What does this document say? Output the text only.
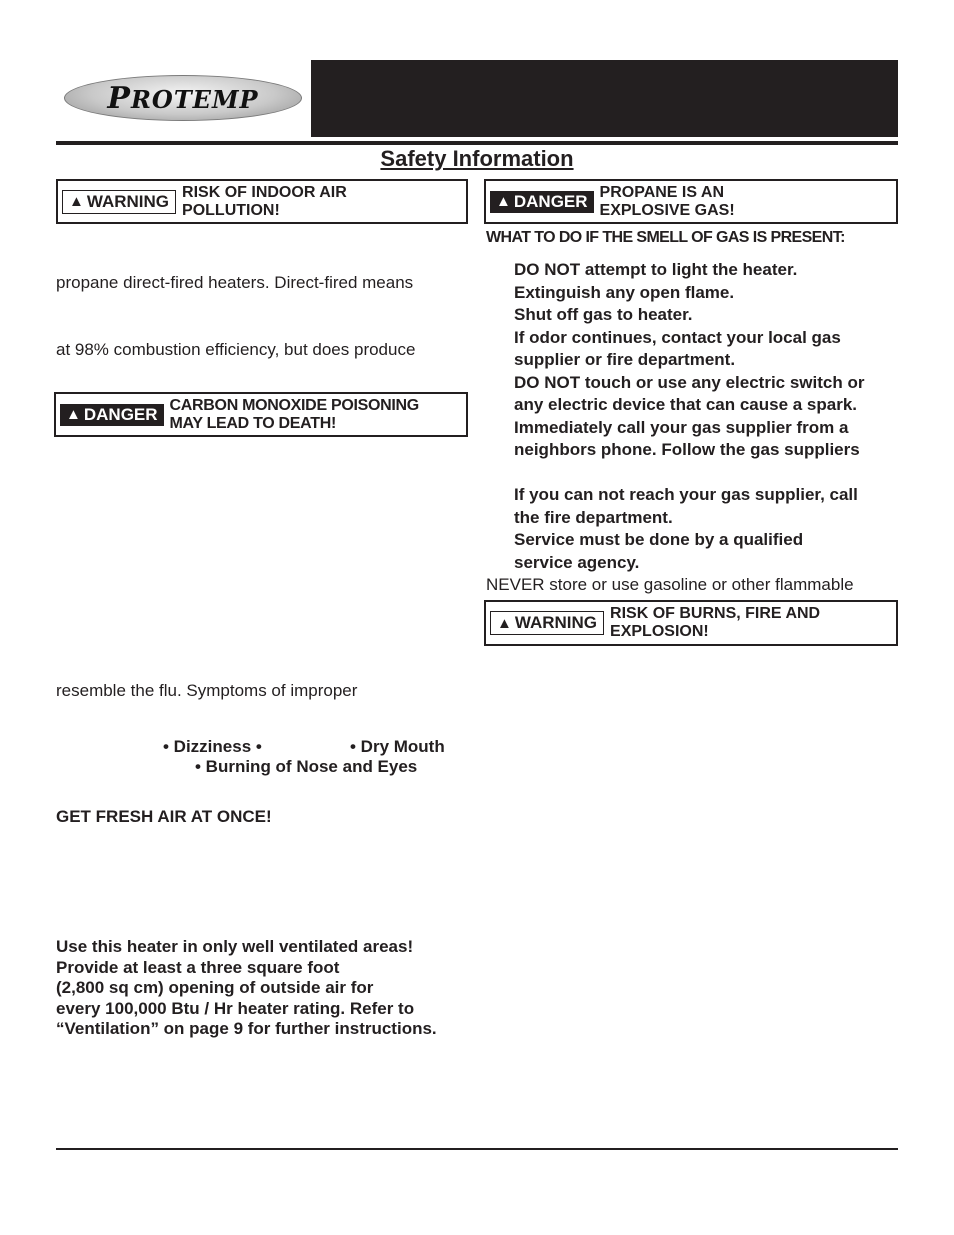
PROTEMP
Safety Information
▲ WARNING RISK OF INDOOR AIR
POLLUTION!
propane direct-fired heaters. Direct-fired means
at 98% combustion efficiency, but does produce
▲ DANGER CARBON MONOXIDE POISONING
MAY LEAD TO DEATH!
resemble the flu. Symptoms of improper
• Dizziness •	• Dry Mouth
• Burning of Nose and Eyes
GET FRESH AIR AT ONCE!
Use this heater in only well ventilated areas!
Provide at least a three square foot
(2,800 sq cm) opening of outside air for
every 100,000 Btu / Hr heater rating. Refer to
“Ventilation” on page 9 for further instructions.
▲ DANGER PROPANE IS AN
EXPLOSIVE GAS!
WHAT TO DO IF THE SMELL OF GAS IS PRESENT:
DO NOT attempt to light the heater.
Extinguish any open flame.
Shut off gas to heater.
If odor continues, contact your local gas
supplier or fire department.
DO NOT touch or use any electric switch or
any electric device that can cause a spark.
Immediately call your gas supplier from a
neighbors phone. Follow the gas suppliers
If you can not reach your gas supplier, call
the fire department.
Service must be done by a qualified
service agency.
NEVER store or use gasoline or other flammable
▲ WARNING RISK OF BURNS, FIRE AND
EXPLOSION!
